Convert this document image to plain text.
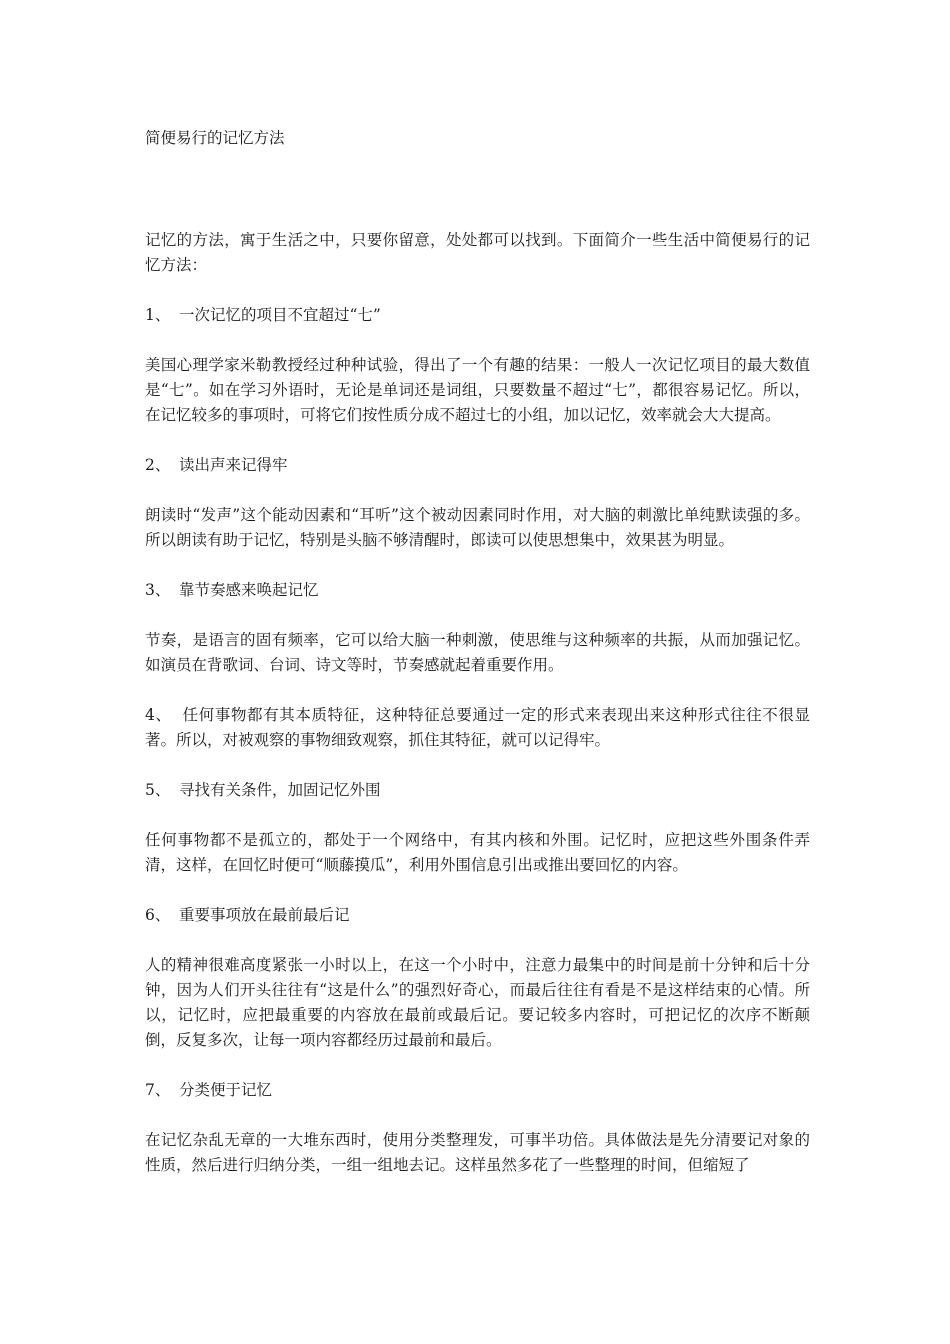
简便易行的记忆方法

记忆的方法，寓于生活之中，只要你留意，处处都可以找到。下面简介一些生活中简便易行的记忆方法：

1、 一次记忆的项目不宜超过“七”

美国心理学家米勒教授经过种种试验，得出了一个有趣的结果：一般人一次记忆项目的最大数值是“七”。如在学习外语时，无论是单词还是词组，只要数量不超过“七”，都很容易记忆。所以，在记忆较多的事项时，可将它们按性质分成不超过七的小组，加以记忆，效率就会大大提高。

2、 读出声来记得牢

朗读时“发声”这个能动因素和“耳听”这个被动因素同时作用，对大脑的刺激比单纯默读强的多。所以朗读有助于记忆，特别是头脑不够清醒时，郎读可以使思想集中，效果甚为明显。

3、 靠节奏感来唤起记忆

节奏，是语言的固有频率，它可以给大脑一种刺激，使思维与这种频率的共振，从而加强记忆。如演员在背歌词、台词、诗文等时，节奏感就起着重要作用。

4、 任何事物都有其本质特征，这种特征总要通过一定的形式来表现出来这种形式往往不很显著。所以，对被观察的事物细致观察，抓住其特征，就可以记得牢。

5、 寻找有关条件，加固记忆外围

任何事物都不是孤立的，都处于一个网络中，有其内核和外围。记忆时，应把这些外围条件弄清，这样，在回忆时便可“顺藤摸瓜”，利用外围信息引出或推出要回忆的内容。

6、 重要事项放在最前最后记

人的精神很难高度紧张一小时以上，在这一个小时中，注意力最集中的时间是前十分钟和后十分钟，因为人们开头往往有“这是什么”的强烈好奇心，而最后往往有看是不是这样结束的心情。所以，记忆时，应把最重要的内容放在最前或最后记。要记较多内容时，可把记忆的次序不断颠倒，反复多次，让每一项内容都经历过最前和最后。

7、 分类便于记忆

在记忆杂乱无章的一大堆东西时，使用分类整理发，可事半功倍。具体做法是先分清要记对象的性质，然后进行归纳分类，一组一组地去记。这样虽然多花了一些整理的时间，但缩短了
